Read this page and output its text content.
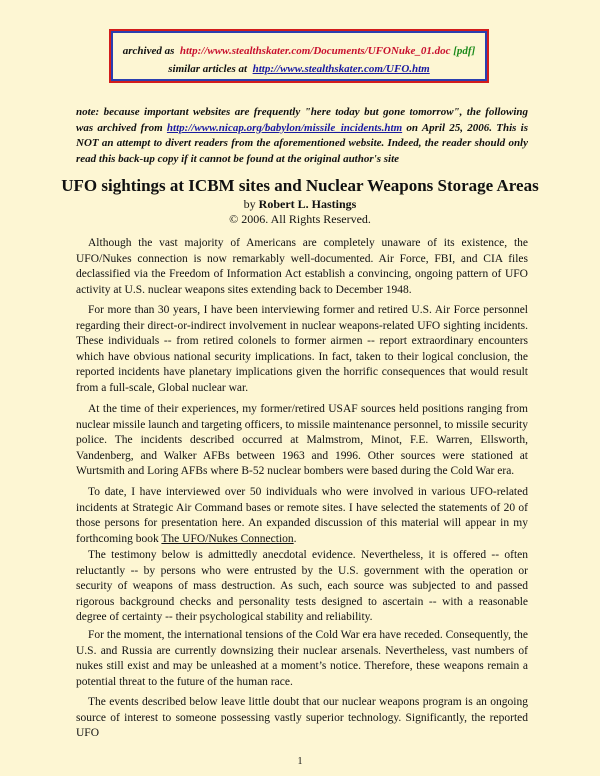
archived as http://www.stealthskater.com/Documents/UFONuke_01.doc [pdf]
similar articles at http://www.stealthskater.com/UFO.htm
note: because important websites are frequently "here today but gone tomorrow", the following was archived from http://www.nicap.org/babylon/missile_incidents.htm on April 25, 2006. This is NOT an attempt to divert readers from the aforementioned website. Indeed, the reader should only read this back-up copy if it cannot be found at the original author's site
UFO sightings at ICBM sites and Nuclear Weapons Storage Areas
by Robert L. Hastings
© 2006. All Rights Reserved.
Although the vast majority of Americans are completely unaware of its existence, the UFO/Nukes connection is now remarkably well-documented. Air Force, FBI, and CIA files declassified via the Freedom of Information Act establish a convincing, ongoing pattern of UFO activity at U.S. nuclear weapons sites extending back to December 1948.
For more than 30 years, I have been interviewing former and retired U.S. Air Force personnel regarding their direct-or-indirect involvement in nuclear weapons-related UFO sighting incidents. These individuals -- from retired colonels to former airmen -- report extraordinary encounters which have obvious national security implications. In fact, taken to their logical conclusion, the reported incidents have planetary implications given the horrific consequences that would result from a full-scale, Global nuclear war.
At the time of their experiences, my former/retired USAF sources held positions ranging from nuclear missile launch and targeting officers, to missile maintenance personnel, to missile security police. The incidents described occurred at Malmstrom, Minot, F.E. Warren, Ellsworth, Vandenberg, and Walker AFBs between 1963 and 1996. Other sources were stationed at Wurtsmith and Loring AFBs where B-52 nuclear bombers were based during the Cold War era.
To date, I have interviewed over 50 individuals who were involved in various UFO-related incidents at Strategic Air Command bases or remote sites. I have selected the statements of 20 of those persons for presentation here. An expanded discussion of this material will appear in my forthcoming book The UFO/Nukes Connection.
The testimony below is admittedly anecdotal evidence. Nevertheless, it is offered -- often reluctantly -- by persons who were entrusted by the U.S. government with the operation or security of weapons of mass destruction. As such, each source was subjected to and passed rigorous background checks and personality tests designed to ascertain -- with a reasonable degree of certainty -- their psychological stability and reliability.
For the moment, the international tensions of the Cold War era have receded. Consequently, the U.S. and Russia are currently downsizing their nuclear arsenals. Nevertheless, vast numbers of nukes still exist and may be unleashed at a moment’s notice. Therefore, these weapons remain a potential threat to the future of the human race.
The events described below leave little doubt that our nuclear weapons program is an ongoing source of interest to someone possessing vastly superior technology. Significantly, the reported UFO
1
